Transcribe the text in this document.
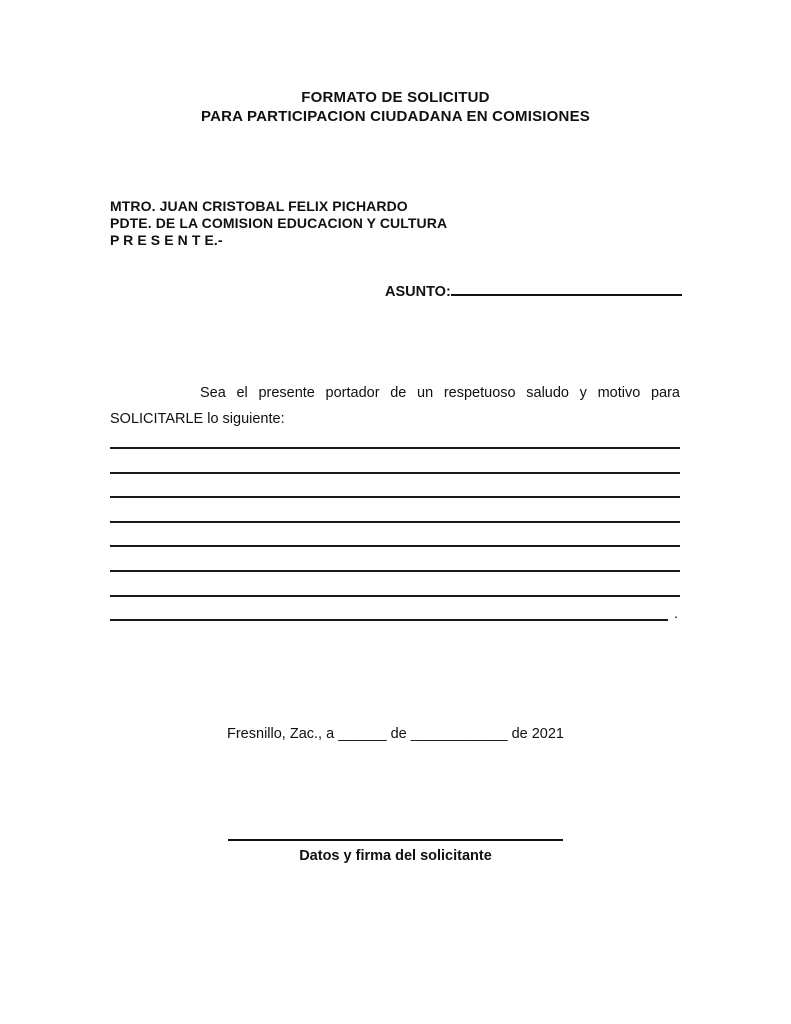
FORMATO DE SOLICITUD
PARA PARTICIPACION CIUDADANA EN COMISIONES
MTRO. JUAN CRISTOBAL FELIX PICHARDO
PDTE. DE LA COMISION EDUCACION Y CULTURA
P R E S E N T E.-
ASUNTO:
Sea el presente portador de un respetuoso saludo y motivo para
SOLICITARLE lo siguiente:
.
Fresnillo, Zac., a ______ de ____________ de 2021
Datos y firma del solicitante
